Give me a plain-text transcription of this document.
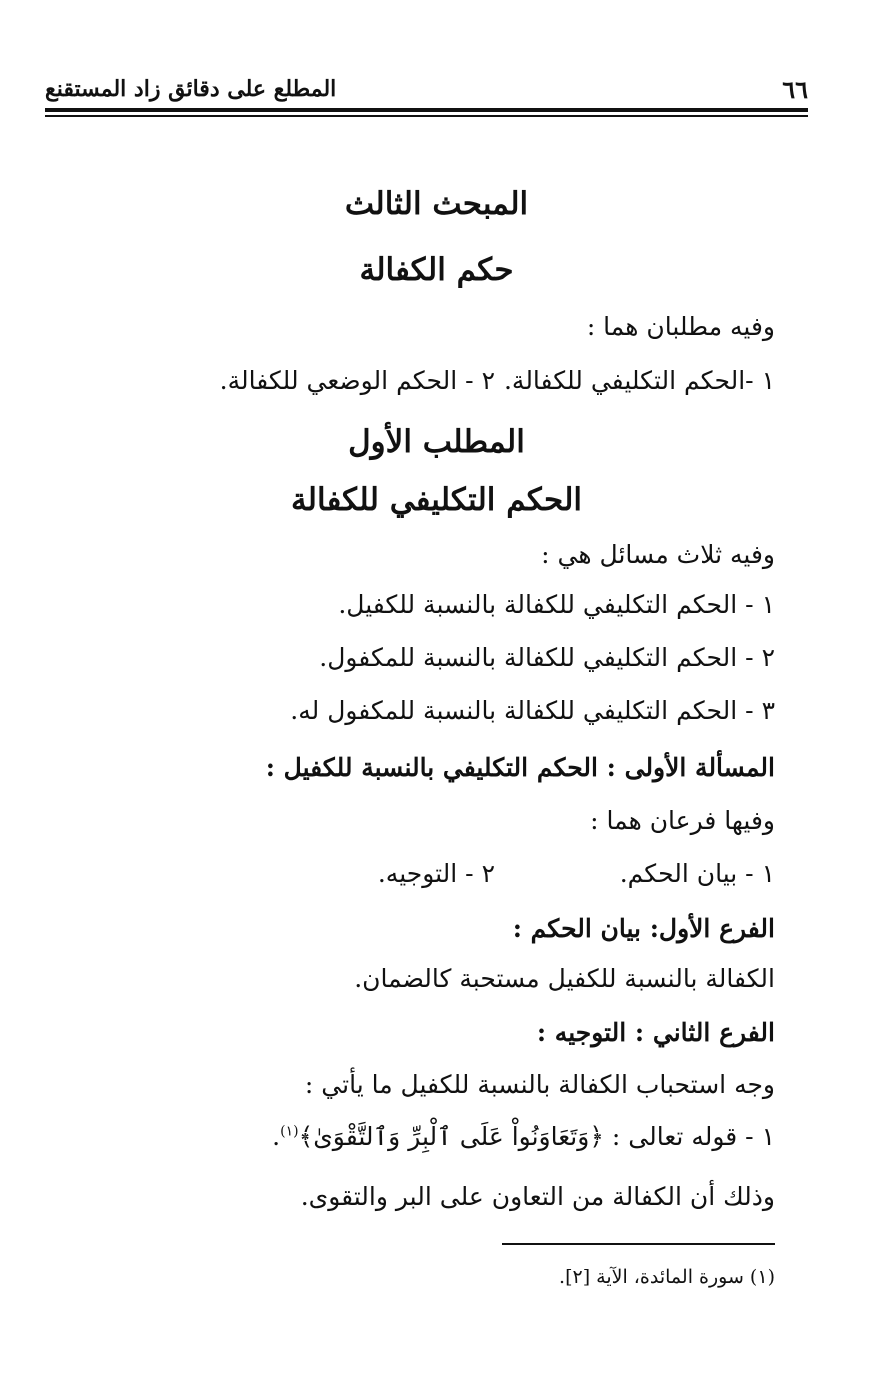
٦٦
المطلع على دقائق زاد المستقنع
المبحث الثالث
حكم الكفالة
وفيه مطلبان هما :
١ -الحكم التكليفي للكفالة.
٢ - الحكم الوضعي للكفالة.
المطلب الأول
الحكم التكليفي للكفالة
وفيه ثلاث مسائل هي :
١ - الحكم التكليفي للكفالة بالنسبة للكفيل.
٢ - الحكم التكليفي للكفالة بالنسبة للمكفول.
٣ - الحكم التكليفي للكفالة بالنسبة للمكفول له.
المسألة الأولى : الحكم التكليفي بالنسبة للكفيل :
وفيها فرعان هما :
١ - بيان الحكم.
٢ - التوجيه.
الفرع الأول: بيان الحكم :
الكفالة بالنسبة للكفيل مستحبة كالضمان.
الفرع الثاني : التوجيه :
وجه استحباب الكفالة بالنسبة للكفيل ما يأتي :
١ - قوله تعالى : ﴿وَتَعَاوَنُواْ عَلَى ٱلْبِرِّ وَٱلتَّقْوَىٰ﴾$^{(١)}$.
وذلك أن الكفالة من التعاون على البر والتقوى.
(١) سورة المائدة، الآية [٢].
